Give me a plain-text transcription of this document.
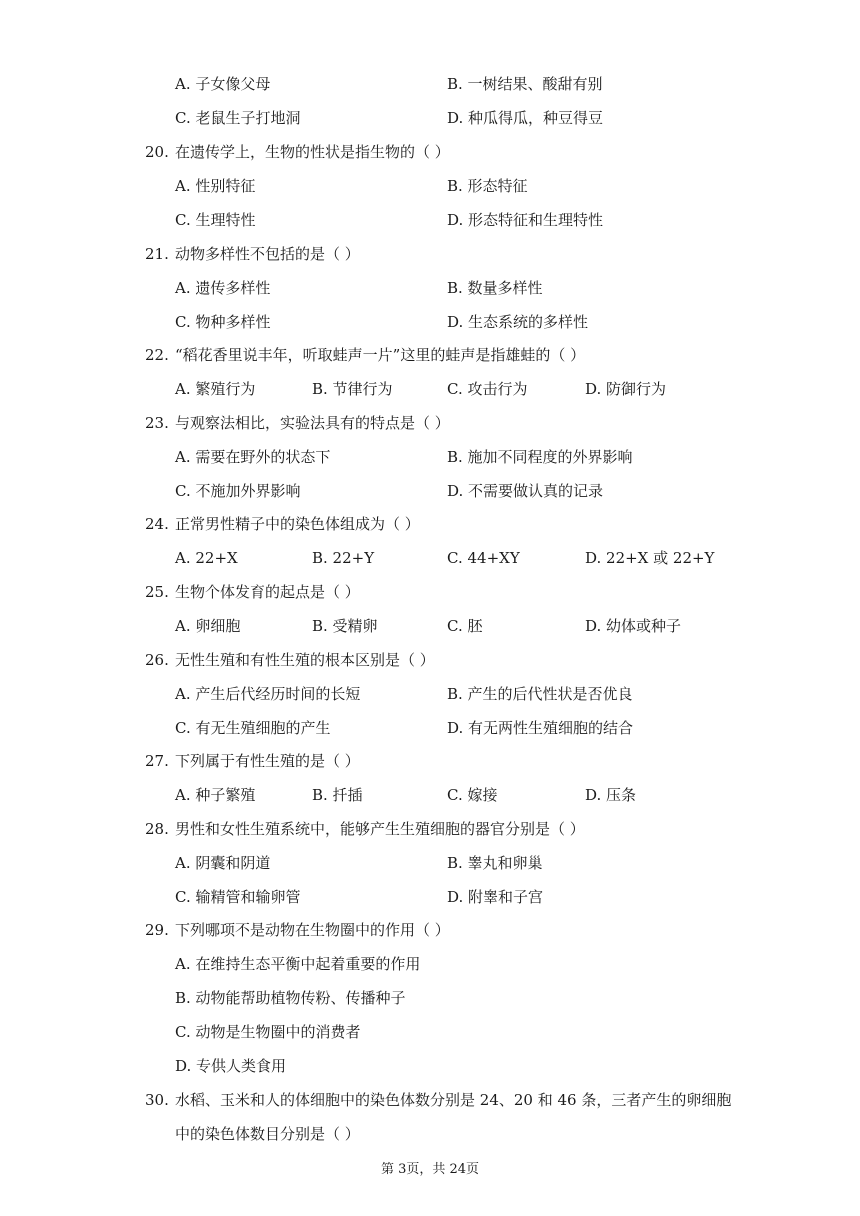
A. 子女像父母	B. 一树结果、酸甜有别
C. 老鼠生子打地洞	D. 种瓜得瓜，种豆得豆
20. 在遗传学上，生物的性状是指生物的（ ）
A. 性别特征	B. 形态特征
C. 生理特性	D. 形态特征和生理特性
21. 动物多样性不包括的是（ ）
A. 遗传多样性	B. 数量多样性
C. 物种多样性	D. 生态系统的多样性
22. “稻花香里说丰年，听取蛙声一片”这里的蛙声是指雄蛙的（ ）
A. 繁殖行为	B. 节律行为	C. 攻击行为	D. 防御行为
23. 与观察法相比，实验法具有的特点是（ ）
A. 需要在野外的状态下	B. 施加不同程度的外界影响
C. 不施加外界影响	D. 不需要做认真的记录
24. 正常男性精子中的染色体组成为（ ）
A. 22+X	B. 22+Y	C. 44+XY	D. 22+X 或 22+Y
25. 生物个体发育的起点是（ ）
A. 卵细胞	B. 受精卵	C. 胚	D. 幼体或种子
26. 无性生殖和有性生殖的根本区别是（ ）
A. 产生后代经历时间的长短	B. 产生的后代性状是否优良
C. 有无生殖细胞的产生	D. 有无两性生殖细胞的结合
27. 下列属于有性生殖的是（ ）
A. 种子繁殖	B. 扦插	C. 嫁接	D. 压条
28. 男性和女性生殖系统中，能够产生生殖细胞的器官分别是（ ）
A. 阴囊和阴道	B. 睾丸和卵巢
C. 输精管和输卵管	D. 附睾和子宫
29. 下列哪项不是动物在生物圈中的作用（ ）
A. 在维持生态平衡中起着重要的作用
B. 动物能帮助植物传粉、传播种子
C. 动物是生物圈中的消费者
D. 专供人类食用
30. 水稻、玉米和人的体细胞中的染色体数分别是 24、20 和 46 条，三者产生的卵细胞
中的染色体数目分别是（ ）
第 3页，共 24页
